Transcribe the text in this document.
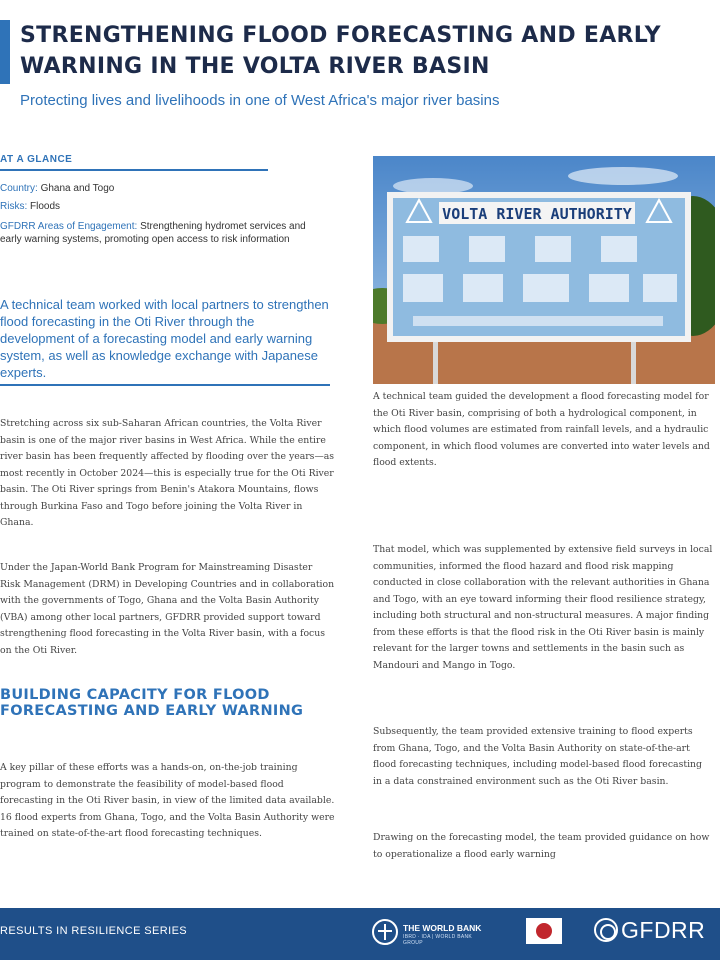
STRENGTHENING FLOOD FORECASTING AND EARLY WARNING IN THE VOLTA RIVER BASIN
Protecting lives and livelihoods in one of West Africa's major river basins
AT A GLANCE
Country: Ghana and Togo
Risks: Floods
GFDRR Areas of Engagement: Strengthening hydromet services and early warning systems, promoting open access to risk information
A technical team worked with local partners to strengthen flood forecasting in the Oti River through the development of a forecasting model and early warning system, as well as knowledge exchange with Japanese experts.

Stretching across six sub-Saharan African countries, the Volta River basin is one of the major river basins in West Africa. While the entire river basin has been frequently affected by flooding over the years—as most recently in October 2024—this is especially true for the Oti River basin. The Oti River springs from Benin's Atakora Mountains, flows through Burkina Faso and Togo before joining the Volta River in Ghana.

Under the Japan-World Bank Program for Mainstreaming Disaster Risk Management (DRM) in Developing Countries and in collaboration with the governments of Togo, Ghana and the Volta Basin Authority (VBA) among other local partners, GFDRR provided support toward strengthening flood forecasting in the Volta River basin, with a focus on the Oti River.

BUILDING CAPACITY FOR FLOOD FORECASTING AND EARLY WARNING

A key pillar of these efforts was a hands-on, on-the-job training program to demonstrate the feasibility of model-based flood forecasting in the Oti River basin, in view of the limited data available. 16 flood experts from Ghana, Togo, and the Volta Basin Authority were trained on state-of-the-art flood forecasting techniques.

VOLTA RIVER AUTHORITY

A technical team guided the development a flood forecasting model for the Oti River basin, comprising of both a hydrological component, in which flood volumes are estimated from rainfall levels, and a hydraulic component, in which flood volumes are converted into water levels and flood extents.

That model, which was supplemented by extensive field surveys in local communities, informed the flood hazard and flood risk mapping conducted in close collaboration with the relevant authorities in Ghana and Togo, with an eye toward informing their flood resilience strategy, including both structural and non-structural measures. A major finding from these efforts is that the flood risk in the Oti River basin is mainly relevant for the larger towns and settlements in the basin such as Mandouri and Mango in Togo.

Subsequently, the team provided extensive training to flood experts from Ghana, Togo, and the Volta Basin Authority on state-of-the-art flood forecasting techniques, including model-based flood forecasting in a data constrained environment such as the Oti River basin.

Drawing on the forecasting model, the team provided guidance on how to operationalize a flood early warning

RESULTS IN RESILIENCE SERIES	THE WORLD BANK
IBRD · IDA | WORLD BANK GROUP	GFDRR
